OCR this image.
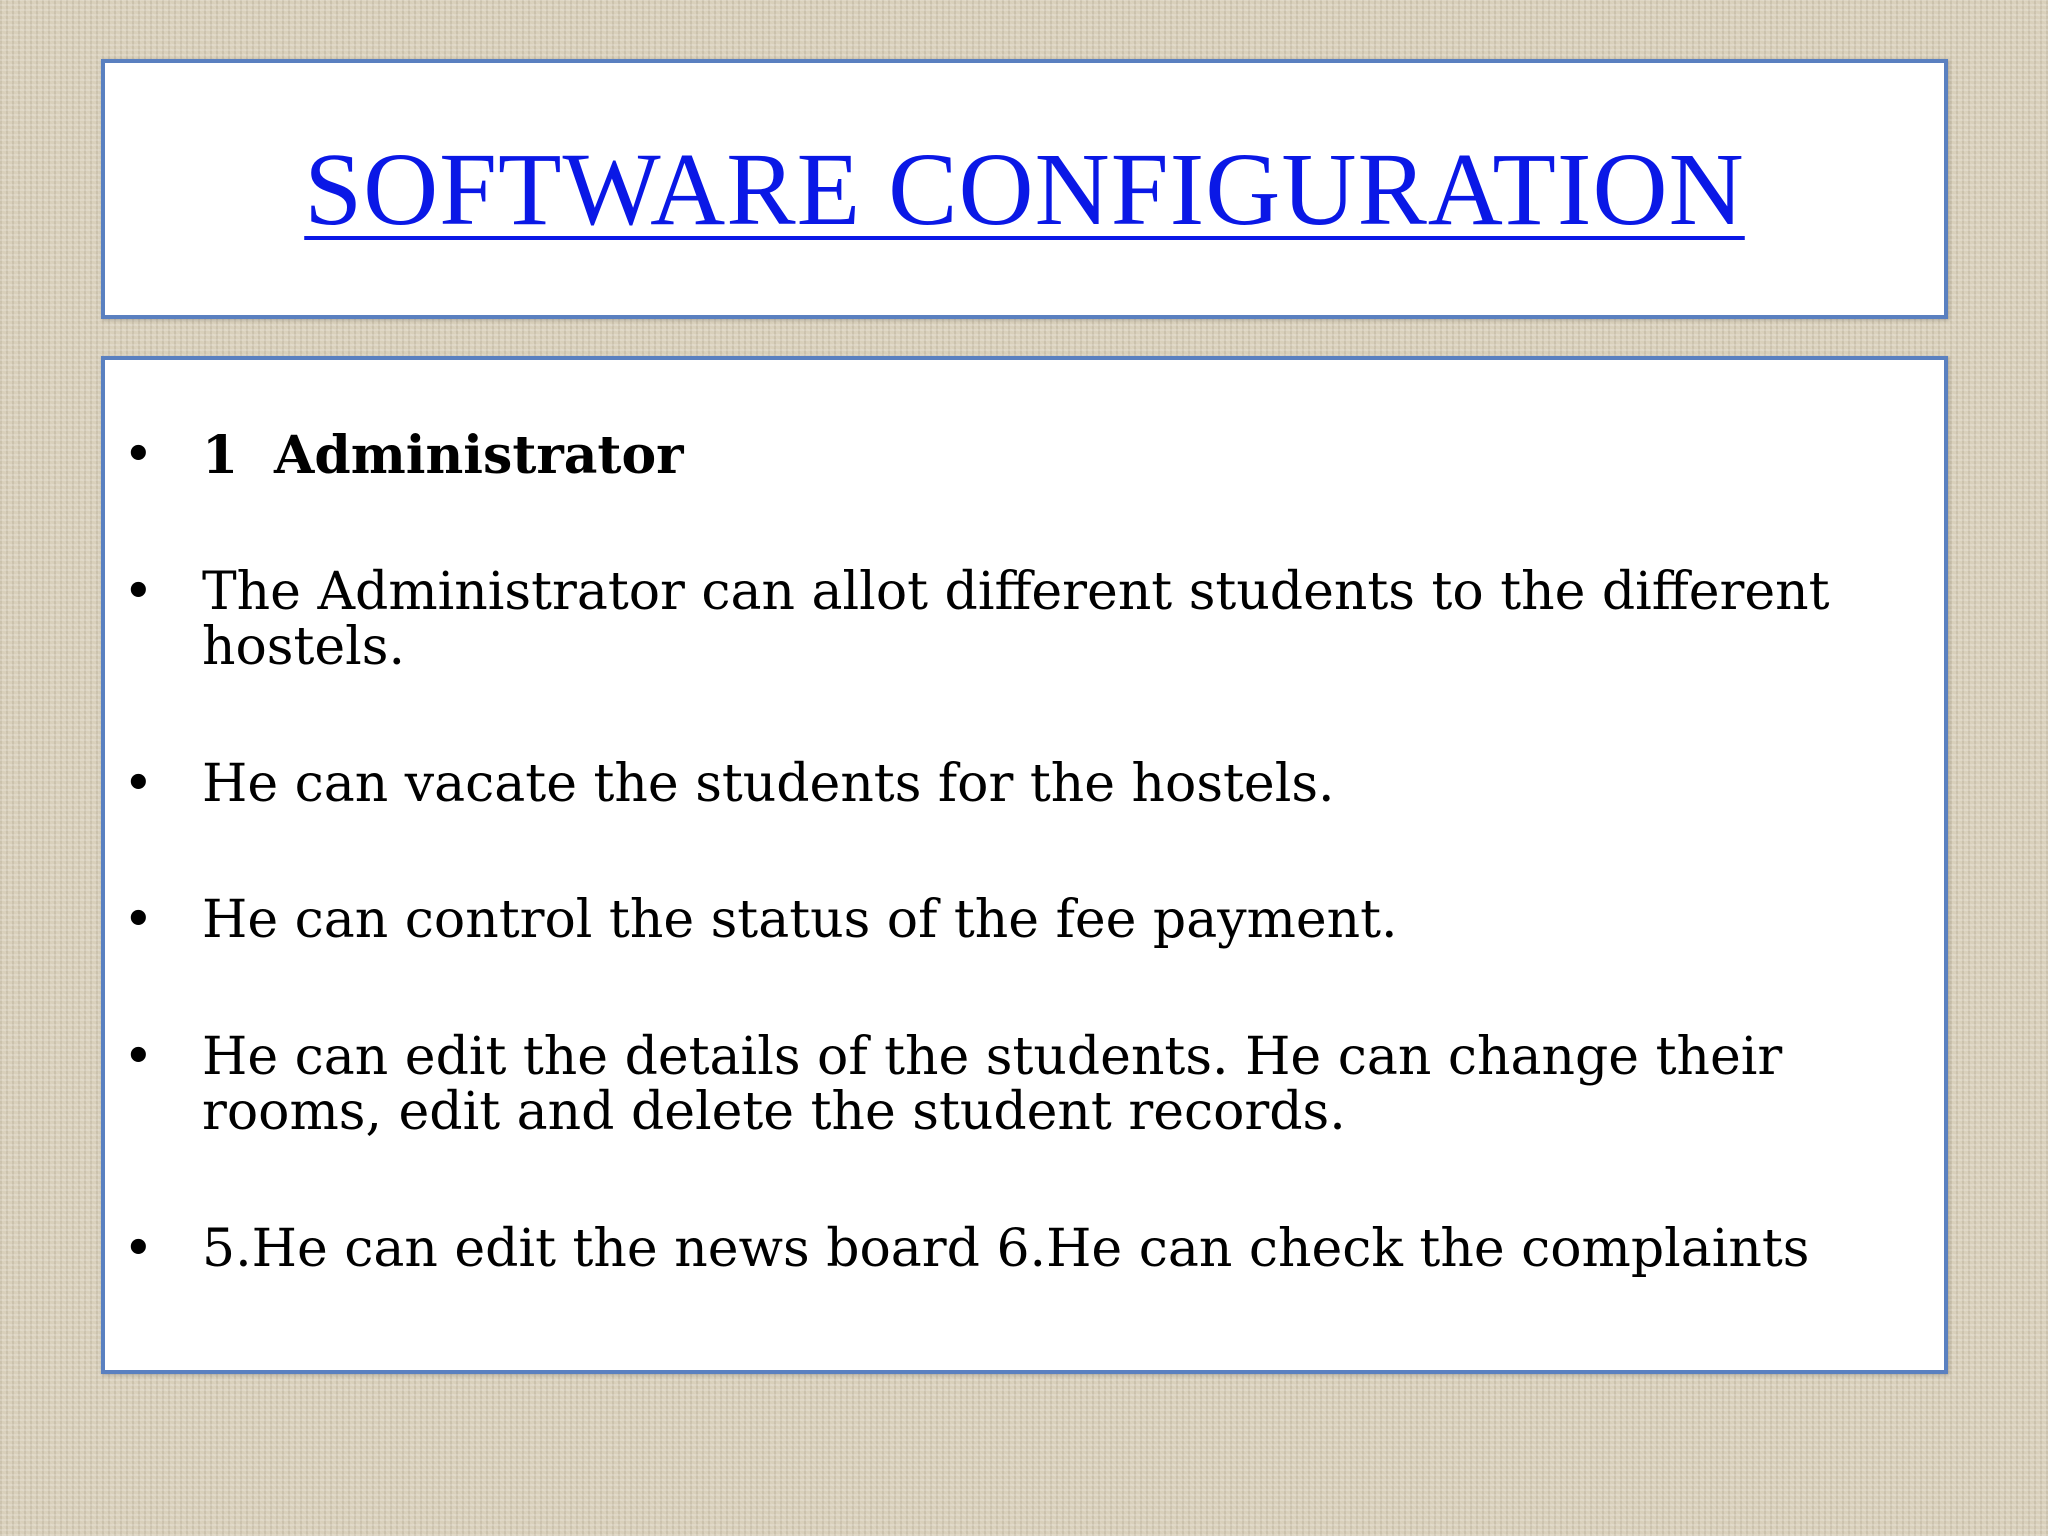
SOFTWARE CONFIGURATION
• 1 Administrator
• The Administrator can allot different students to the different hostels.
• He can vacate the students for the hostels.
• He can control the status of the fee payment.
• He can edit the details of the students. He can change their rooms, edit and delete the student records.
• 5.He can edit the news board 6.He can check the complaints
